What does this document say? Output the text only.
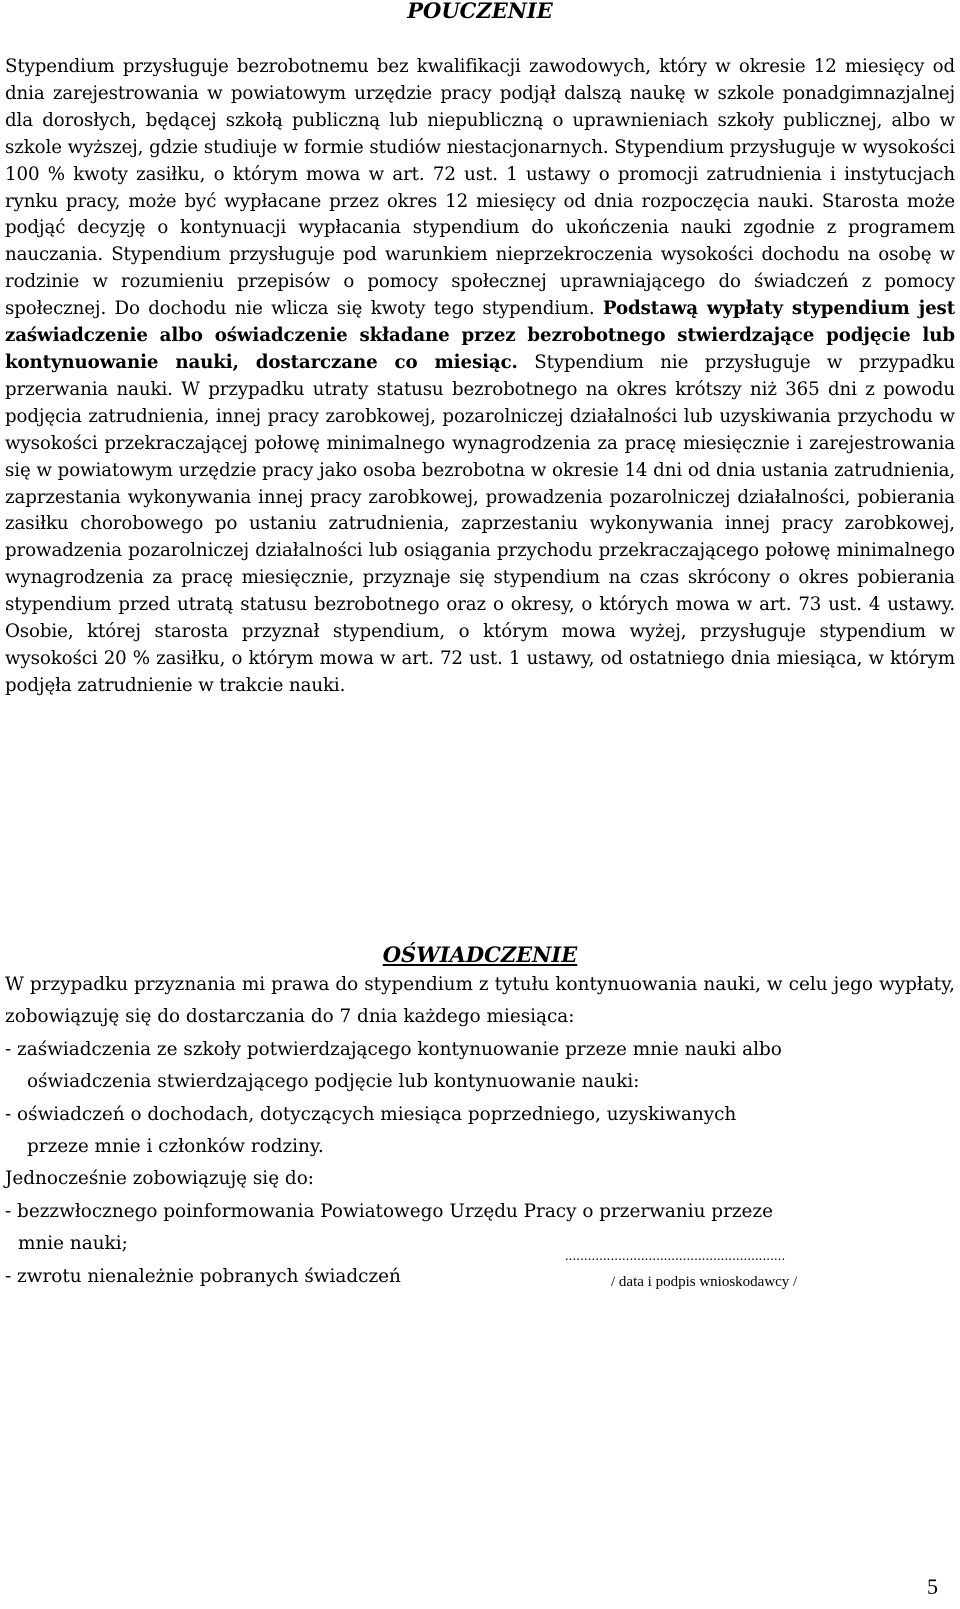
POUCZENIE

Stypendium przysługuje bezrobotnemu bez kwalifikacji zawodowych, który w okresie 12 miesięcy od dnia zarejestrowania w powiatowym urzędzie pracy podjął dalszą naukę w szkole ponadgimnazjalnej dla dorosłych, będącej szkołą publiczną lub niepubliczną o uprawnieniach szkoły publicznej, albo w szkole wyższej, gdzie studiuje w formie studiów niestacjonarnych. Stypendium przysługuje w wysokości 100 % kwoty zasiłku, o którym mowa w art. 72 ust. 1 ustawy o promocji zatrudnienia i instytucjach rynku pracy, może być wypłacane przez okres 12 miesięcy od dnia rozpoczęcia nauki. Starosta może podjąć decyzję o kontynuacji wypłacania stypendium do ukończenia nauki zgodnie z programem nauczania. Stypendium przysługuje pod warunkiem nieprzekroczenia wysokości dochodu na osobę w rodzinie w rozumieniu przepisów o pomocy społecznej uprawniającego do świadczeń z pomocy społecznej. Do dochodu nie wlicza się kwoty tego stypendium. Podstawą wypłaty stypendium jest zaświadczenie albo oświadczenie składane przez bezrobotnego stwierdzające podjęcie lub kontynuowanie nauki, dostarczane co miesiąc. Stypendium nie przysługuje w przypadku przerwania nauki. W przypadku utraty statusu bezrobotnego na okres krótszy niż 365 dni z powodu podjęcia zatrudnienia, innej pracy zarobkowej, pozarolniczej działalności lub uzyskiwania przychodu w wysokości przekraczającej połowę minimalnego wynagrodzenia za pracę miesięcznie i zarejestrowania się w powiatowym urzędzie pracy jako osoba bezrobotna w okresie 14 dni od dnia ustania zatrudnienia, zaprzestania wykonywania innej pracy zarobkowej, prowadzenia pozarolniczej działalności, pobierania zasiłku chorobowego po ustaniu zatrudnienia, zaprzestaniu wykonywania innej pracy zarobkowej, prowadzenia pozarolniczej działalności lub osiągania przychodu przekraczającego połowę minimalnego wynagrodzenia za pracę miesięcznie, przyznaje się stypendium na czas skrócony o okres pobierania stypendium przed utratą statusu bezrobotnego oraz o okresy, o których mowa w art. 73 ust. 4 ustawy. Osobie, której starosta przyznał stypendium, o którym mowa wyżej, przysługuje stypendium w wysokości 20 % zasiłku, o którym mowa w art. 72 ust. 1 ustawy, od ostatniego dnia miesiąca, w którym podjęła zatrudnienie w trakcie nauki.

OŚWIADCZENIE

W przypadku przyznania mi prawa do stypendium z tytułu kontynuowania nauki, w celu jego wypłaty, zobowiązuję się do dostarczania do 7 dnia każdego miesiąca:

- zaświadczenia ze szkoły potwierdzającego kontynuowanie przeze mnie nauki albo

oświadczenia stwierdzającego podjęcie lub kontynuowanie nauki:

- oświadczeń o dochodach, dotyczących miesiąca poprzedniego, uzyskiwanych

przeze mnie i członków rodziny.

Jednocześnie zobowiązuję się do:

- bezzwłocznego poinformowania Powiatowego Urzędu Pracy o przerwaniu przeze

mnie nauki;

- zwrotu nienależnie pobranych świadczeń

..........................................................
/ data i podpis wnioskodawcy /
5
